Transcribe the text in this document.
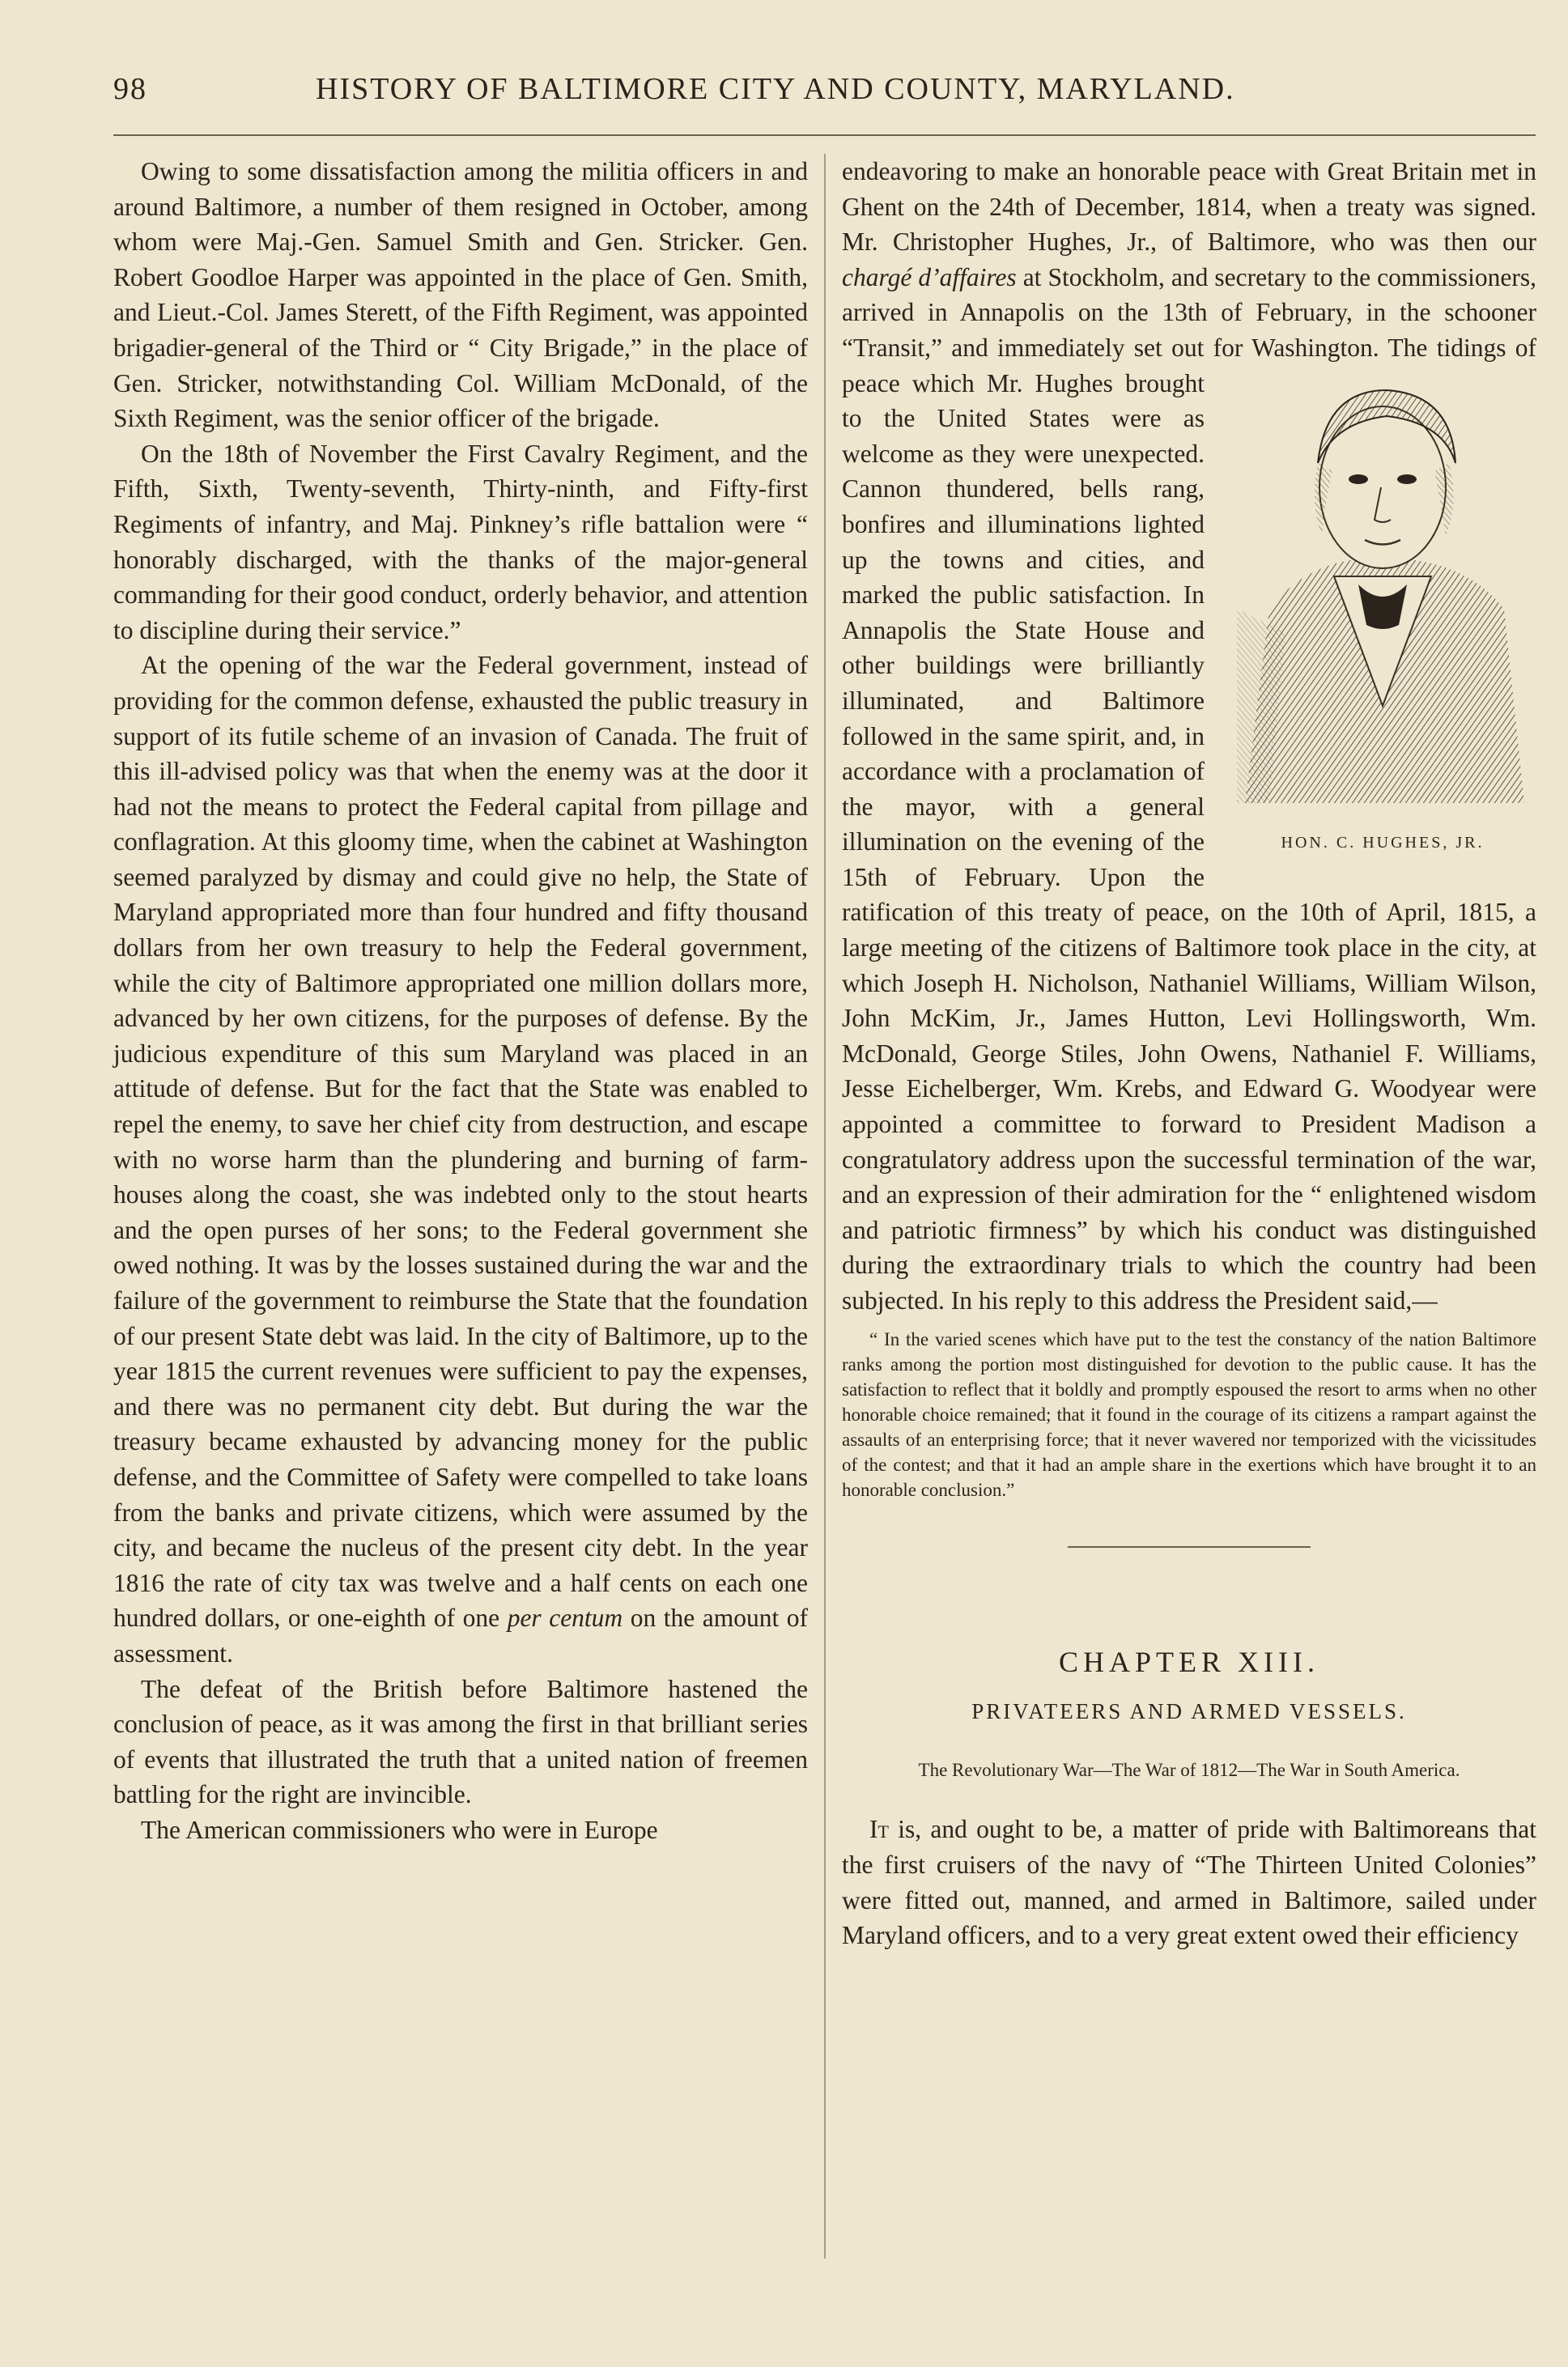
98	HISTORY OF BALTIMORE CITY AND COUNTY, MARYLAND.

Owing to some dissatisfaction among the militia officers in and around Baltimore, a number of them resigned in October, among whom were Maj.-Gen. Samuel Smith and Gen. Stricker. Gen. Robert Goodloe Harper was appointed in the place of Gen. Smith, and Lieut.-Col. James Sterett, of the Fifth Regiment, was appointed brigadier-general of the Third or “ City Brigade,” in the place of Gen. Stricker, notwithstanding Col. William McDonald, of the Sixth Regiment, was the senior officer of the brigade.

On the 18th of November the First Cavalry Regiment, and the Fifth, Sixth, Twenty-seventh, Thirty-ninth, and Fifty-first Regiments of infantry, and Maj. Pinkney’s rifle battalion were “ honorably discharged, with the thanks of the major-general commanding for their good conduct, orderly behavior, and attention to discipline during their service.”

At the opening of the war the Federal government, instead of providing for the common defense, exhausted the public treasury in support of its futile scheme of an invasion of Canada. The fruit of this ill-advised policy was that when the enemy was at the door it had not the means to protect the Federal capital from pillage and conflagration. At this gloomy time, when the cabinet at Washington seemed paralyzed by dismay and could give no help, the State of Maryland appropriated more than four hundred and fifty thousand dollars from her own treasury to help the Federal government, while the city of Baltimore appropriated one million dollars more, advanced by her own citizens, for the purposes of defense. By the judicious expenditure of this sum Maryland was placed in an attitude of defense. But for the fact that the State was enabled to repel the enemy, to save her chief city from destruction, and escape with no worse harm than the plundering and burning of farm-houses along the coast, she was indebted only to the stout hearts and the open purses of her sons; to the Federal government she owed nothing. It was by the losses sustained during the war and the failure of the government to reimburse the State that the foundation of our present State debt was laid. In the city of Baltimore, up to the year 1815 the current revenues were sufficient to pay the expenses, and there was no permanent city debt. But during the war the treasury became exhausted by advancing money for the public defense, and the Committee of Safety were compelled to take loans from the banks and private citizens, which were assumed by the city, and became the nucleus of the present city debt. In the year 1816 the rate of city tax was twelve and a half cents on each one hundred dollars, or one-eighth of one per centum on the amount of assessment.

The defeat of the British before Baltimore hastened the conclusion of peace, as it was among the first in that brilliant series of events that illustrated the truth that a united nation of freemen battling for the right are invincible.

The American commissioners who were in Europe

endeavoring to make an honorable peace with Great Britain met in Ghent on the 24th of December, 1814, when a treaty was signed. Mr. Christopher Hughes, Jr., of Baltimore, who was then our chargé d’affaires at Stockholm, and secretary to the commissioners, arrived in Annapolis on the 13th of February, in the schooner “Transit,” and immediately set out for Washington. The tidings of peace which Mr. Hughes
HON. C. HUGHES, JR.
brought to the United States were as welcome as they were unexpected. Cannon thundered, bells rang, bonfires and illuminations lighted up the towns and cities, and marked the public satisfaction. In Annapolis the State House and other buildings were brilliantly illuminated, and Baltimore followed in the same spirit, and, in accordance with a proclamation of the mayor, with a general illumination on the evening of the 15th of February. Upon the ratification of this treaty of peace, on the 10th of April, 1815, a large meeting of the citizens of Baltimore took place in the city, at which Joseph H. Nicholson, Nathaniel Williams, William Wilson, John McKim, Jr., James Hutton, Levi Hollingsworth, Wm. McDonald, George Stiles, John Owens, Nathaniel F. Williams, Jesse Eichelberger, Wm. Krebs, and Edward G. Woodyear were appointed a committee to forward to President Madison a congratulatory address upon the successful termination of the war, and an expression of their admiration for the “ enlightened wisdom and patriotic firmness” by which his conduct was distinguished during the extraordinary trials to which the country had been subjected. In his reply to this address the President said,—

“ In the varied scenes which have put to the test the constancy of the nation Baltimore ranks among the portion most distinguished for devotion to the public cause. It has the satisfaction to reflect that it boldly and promptly espoused the resort to arms when no other honorable choice remained; that it found in the courage of its citizens a rampart against the assaults of an enterprising force; that it never wavered nor temporized with the vicissitudes of the contest; and that it had an ample share in the exertions which have brought it to an honorable conclusion.”

CHAPTER XIII.
PRIVATEERS AND ARMED VESSELS.
The Revolutionary War—The War of 1812—The War in South America.

It is, and ought to be, a matter of pride with Baltimoreans that the first cruisers of the navy of “The Thirteen United Colonies” were fitted out, manned, and armed in Baltimore, sailed under Maryland officers, and to a very great extent owed their efficiency
